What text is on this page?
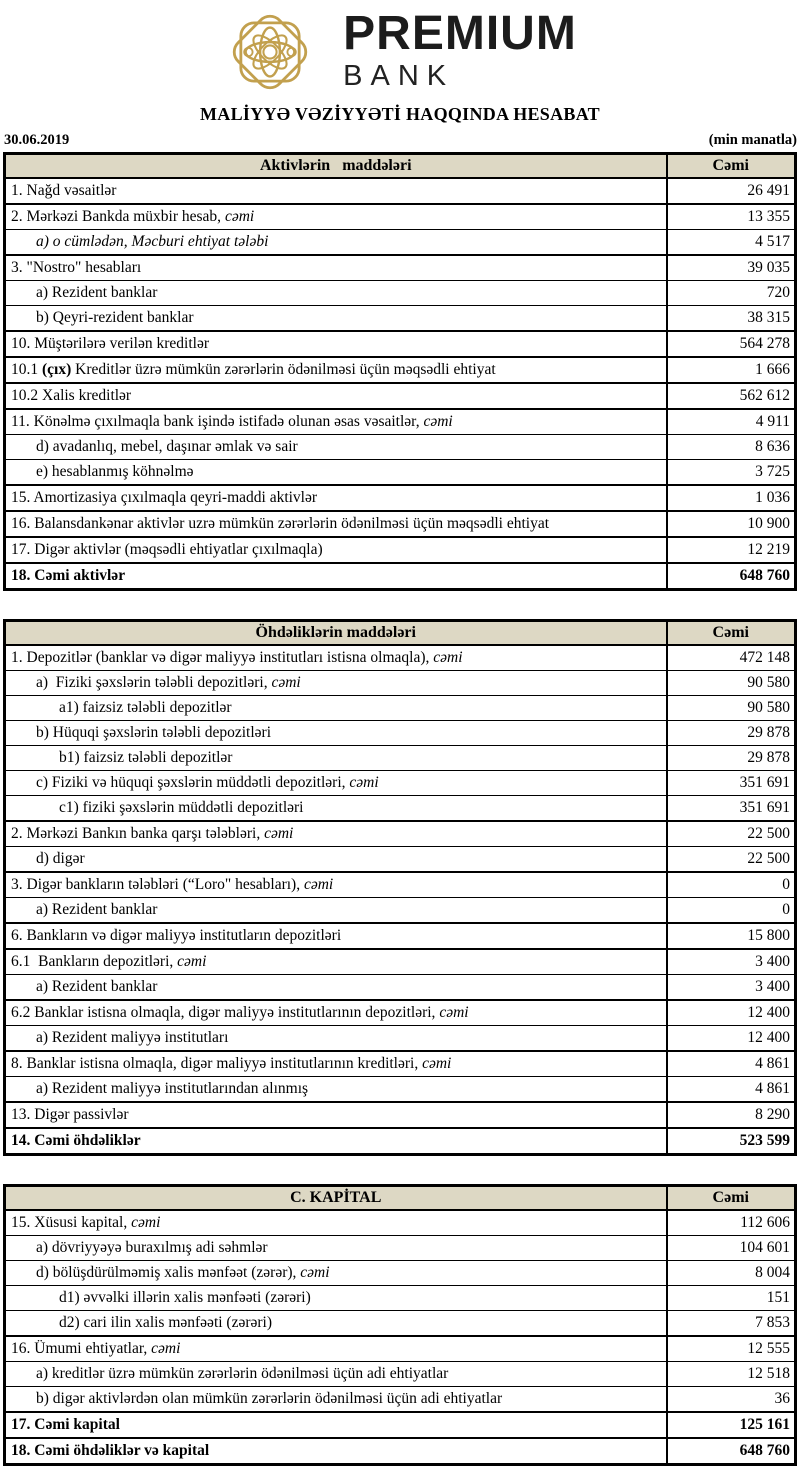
PREMIUM
BANK
MALİYYƏ VƏZİYYƏTİ HAQQINDA HESABAT
30.06.2019	(min manatla)
Aktivlərin   maddələri	Cəmi
1. Nağd vəsaitlər	26 491
2. Mərkəzi Bankda müxbir hesab, cəmi	13 355
a) o cümlədən, Məcburi ehtiyat tələbi	4 517
3. "Nostro" hesabları	39 035
a) Rezident banklar	720
b) Qeyri-rezident banklar	38 315
10. Müştərilərə verilən kreditlər	564 278
10.1 (çıx) Kreditlər üzrə mümkün zərərlərin ödənilməsi üçün məqsədli ehtiyat	1 666
10.2 Xalis kreditlər	562 612
11. Könəlmə çıxılmaqla bank işində istifadə olunan əsas vəsaitlər, cəmi	4 911
d) avadanlıq, mebel, daşınar əmlak və sair	8 636
e) hesablanmış köhnəlmə	3 725
15. Amortizasiya çıxılmaqla qeyri-maddi aktivlər	1 036
16. Balansdankənar aktivlər uzrə mümkün zərərlərin ödənilməsi üçün məqsədli ehtiyat	10 900
17. Digər aktivlər (məqsədli ehtiyatlar çıxılmaqla)	12 219
18. Cəmi aktivlər	648 760
Öhdəliklərin maddələri	Cəmi
1. Depozitlər (banklar və digər maliyyə institutları istisna olmaqla), cəmi	472 148
a)  Fiziki şəxslərin tələbli depozitləri, cəmi	90 580
a1) faizsiz tələbli depozitlər	90 580
b) Hüquqi şəxslərin tələbli depozitləri	29 878
b1) faizsiz tələbli depozitlər	29 878
c) Fiziki və hüquqi şəxslərin müddətli depozitləri, cəmi	351 691
c1) fiziki şəxslərin müddətli depozitləri	351 691
2. Mərkəzi Bankın banka qarşı tələbləri, cəmi	22 500
d) digər	22 500
3. Digər bankların tələbləri (“Loro" hesabları), cəmi	0
a) Rezident banklar	0
6. Bankların və digər maliyyə institutların depozitləri	15 800
6.1  Bankların depozitləri, cəmi	3 400
a) Rezident banklar	3 400
6.2 Banklar istisna olmaqla, digər maliyyə institutlarının depozitləri, cəmi	12 400
a) Rezident maliyyə institutları	12 400
8. Banklar istisna olmaqla, digər maliyyə institutlarının kreditləri, cəmi	4 861
a) Rezident maliyyə institutlarından alınmış	4 861
13. Digər passivlər	8 290
14. Cəmi öhdəliklər	523 599
C. KAPİTAL	Cəmi
15. Xüsusi kapital, cəmi	112 606
a) dövriyyəyə buraxılmış adi səhmlər	104 601
d) bölüşdürülməmiş xalis mənfəət (zərər), cəmi	8 004
d1) əvvəlki illərin xalis mənfəəti (zərəri)	151
d2) cari ilin xalis mənfəəti (zərəri)	7 853
16. Ümumi ehtiyatlar, cəmi	12 555
a) kreditlər üzrə mümkün zərərlərin ödənilməsi üçün adi ehtiyatlar	12 518
b) digər aktivlərdən olan mümkün zərərlərin ödənilməsi üçün adi ehtiyatlar	36
17. Cəmi kapital	125 161
18. Cəmi öhdəliklər və kapital	648 760
